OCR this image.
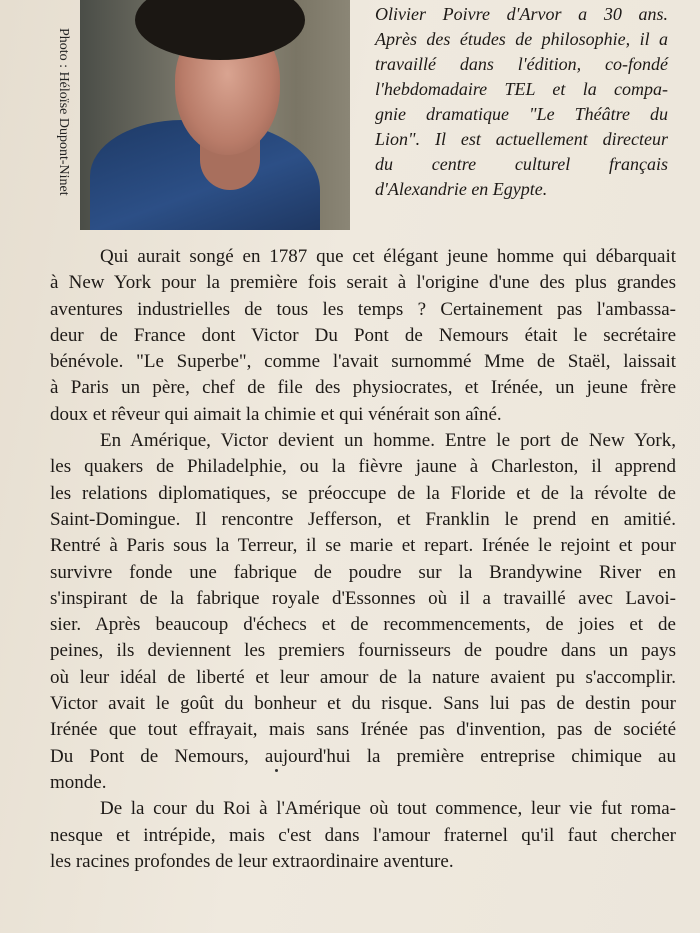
Photo : Héloïse Dupont-Ninet
Olivier Poivre d'Arvor a 30 ans.
Après des études de philosophie, il a
travaillé dans l'édition, co-fondé
l'hebdomadaire TEL et la compa-
gnie dramatique "Le Théâtre du
Lion". Il est actuellement directeur
du centre culturel français
d'Alexandrie en Egypte.
Qui aurait songé en 1787 que cet élégant jeune homme qui débarquait
à New York pour la première fois serait à l'origine d'une des plus grandes
aventures industrielles de tous les temps ? Certainement pas l'ambassa-
deur de France dont Victor Du Pont de Nemours était le secrétaire
bénévole. "Le Superbe", comme l'avait surnommé Mme de Staël, laissait
à Paris un père, chef de file des physiocrates, et Irénée, un jeune frère
doux et rêveur qui aimait la chimie et qui vénérait son aîné.
En Amérique, Victor devient un homme. Entre le port de New York,
les quakers de Philadelphie, ou la fièvre jaune à Charleston, il apprend
les relations diplomatiques, se préoccupe de la Floride et de la révolte de
Saint-Domingue. Il rencontre Jefferson, et Franklin le prend en amitié.
Rentré à Paris sous la Terreur, il se marie et repart. Irénée le rejoint et pour
survivre fonde une fabrique de poudre sur la Brandywine River en
s'inspirant de la fabrique royale d'Essonnes où il a travaillé avec Lavoi-
sier. Après beaucoup d'échecs et de recommencements, de joies et de
peines, ils deviennent les premiers fournisseurs de poudre dans un pays
où leur idéal de liberté et leur amour de la nature avaient pu s'accomplir.
Victor avait le goût du bonheur et du risque. Sans lui pas de destin pour
Irénée que tout effrayait, mais sans Irénée pas d'invention, pas de société
Du Pont de Nemours, aujourd'hui la première entreprise chimique au
monde.
De la cour du Roi à l'Amérique où tout commence, leur vie fut roma-
nesque et intrépide, mais c'est dans l'amour fraternel qu'il faut chercher
les racines profondes de leur extraordinaire aventure.
